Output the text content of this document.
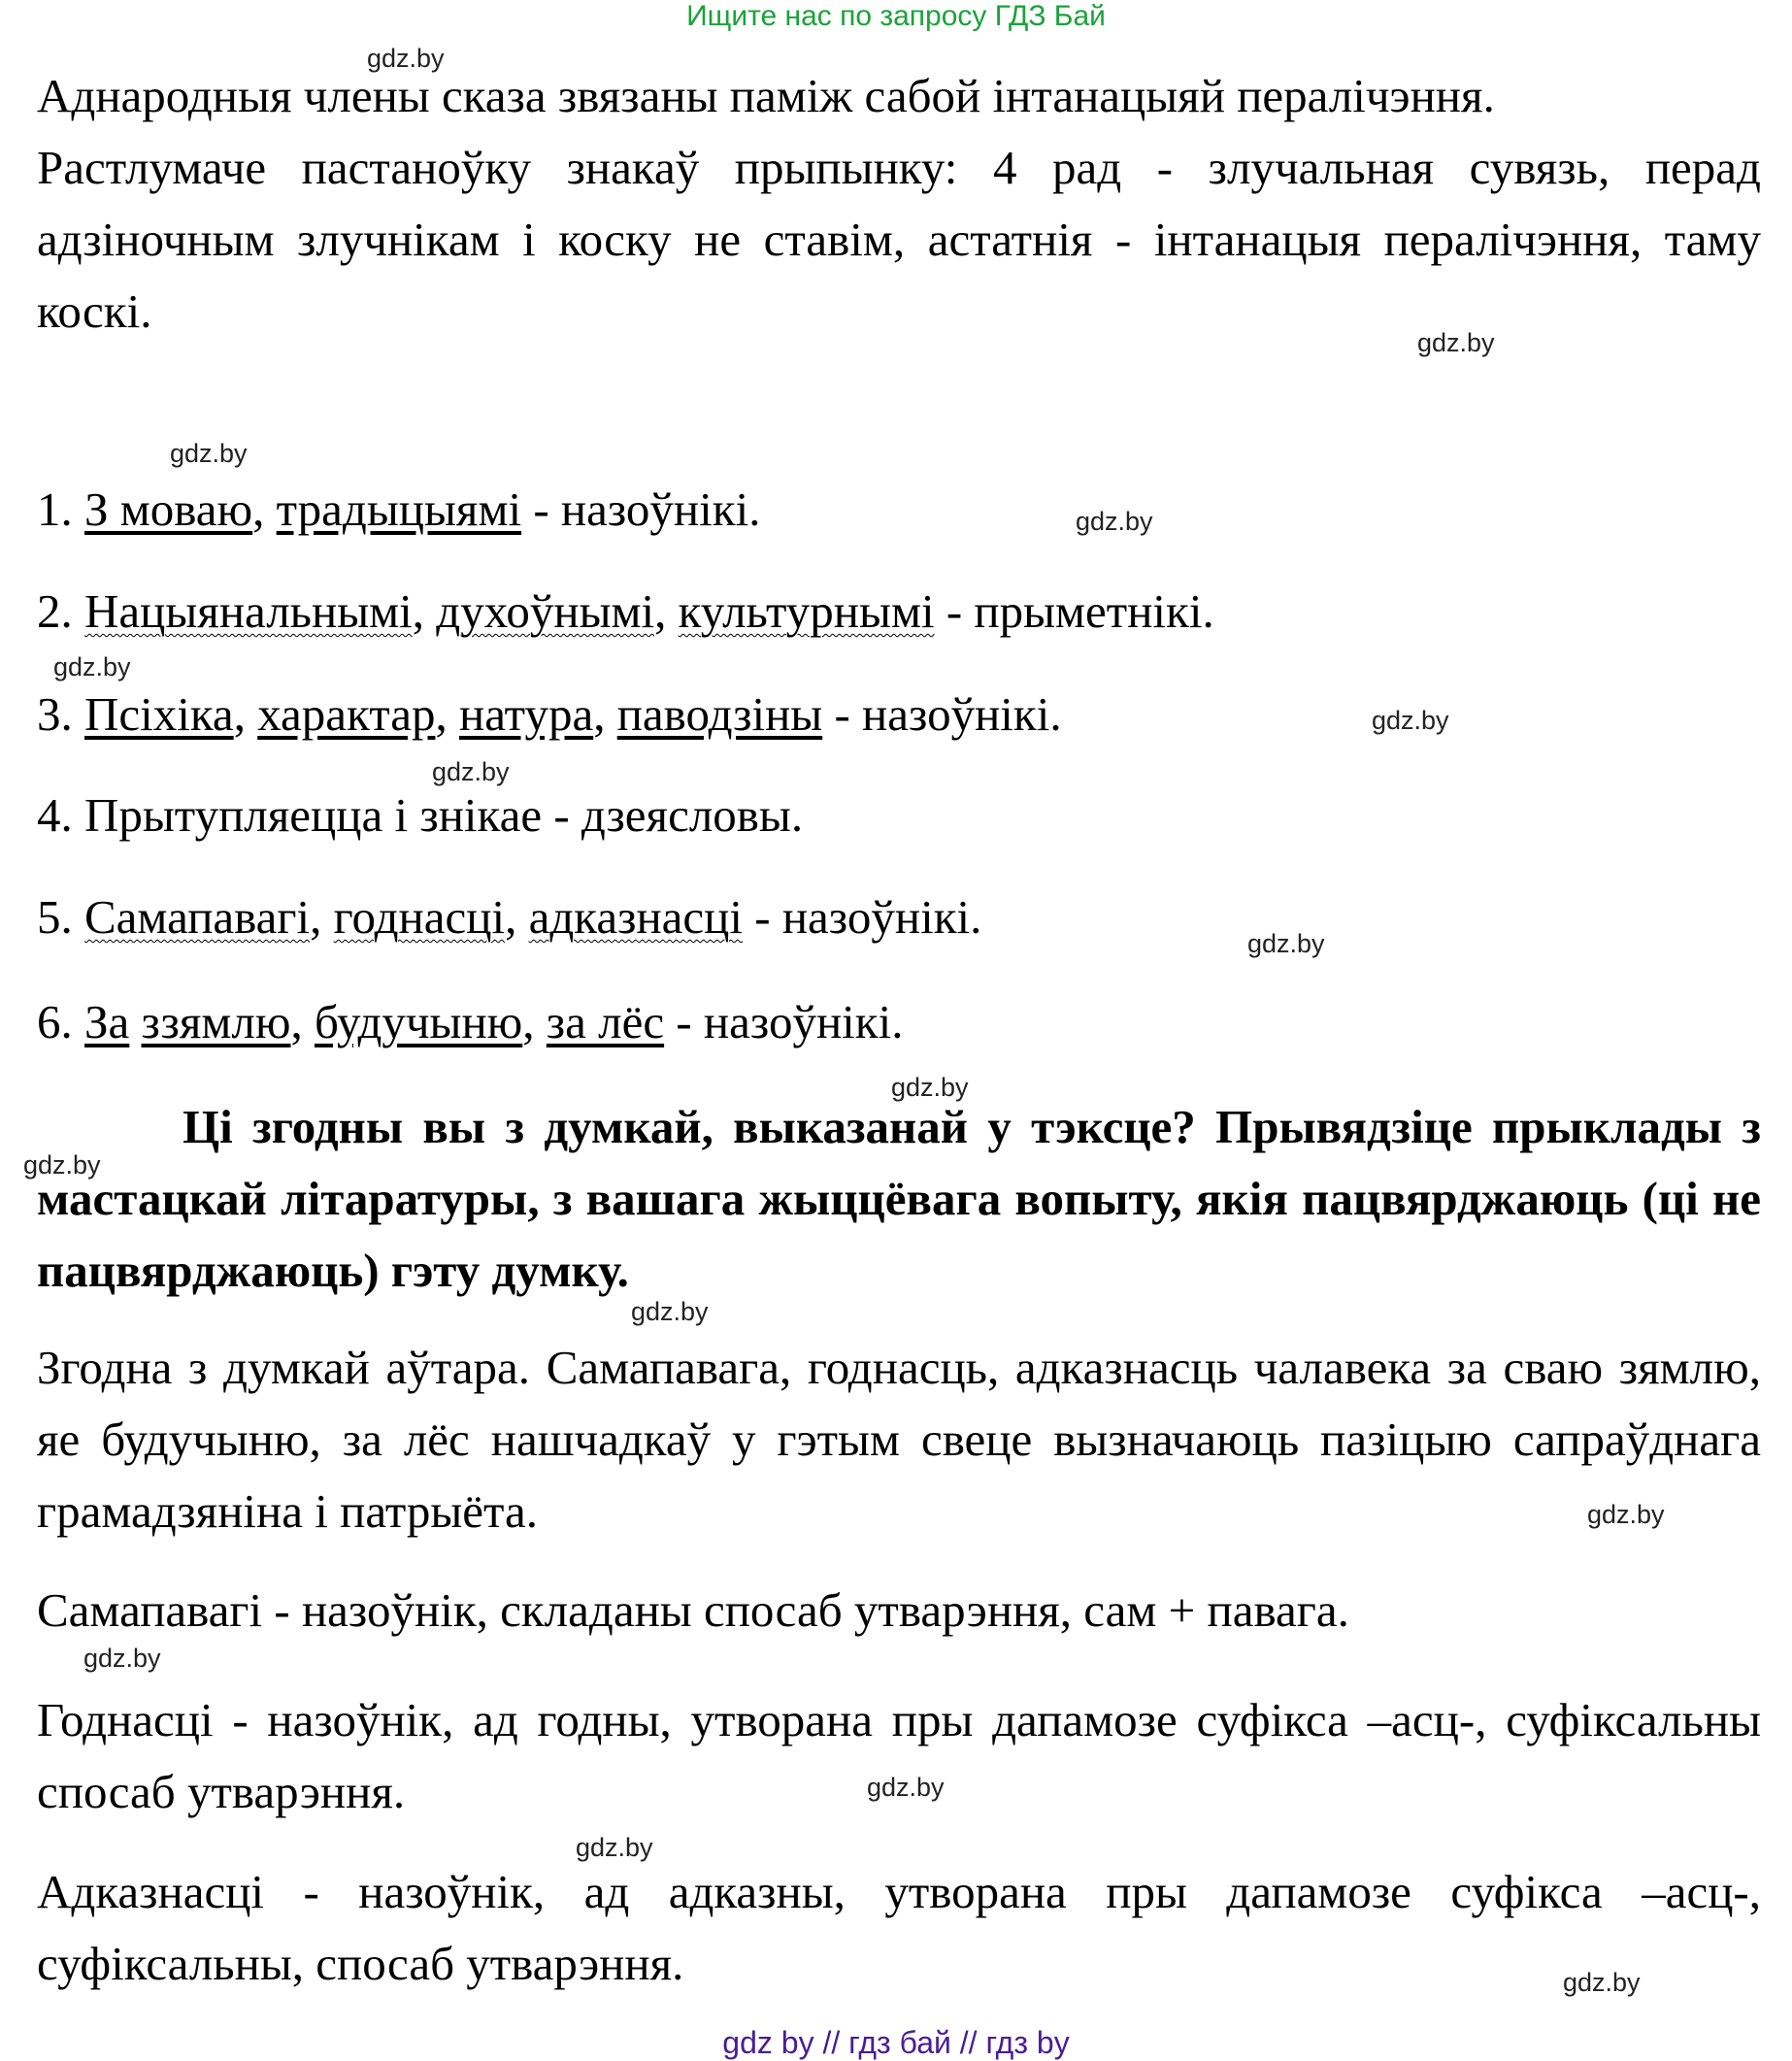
Ищите нас по запросу ГДЗ Бай
gdz.by
gdz.by
gdz.by
gdz.by
gdz.by
gdz.by
gdz.by
gdz.by
gdz.by
gdz.by
gdz.by
gdz.by
gdz.by
gdz.by
gdz.by
gdz.by
Аднародныя члены сказа звязаны паміж сабой інтанацыяй пералічэння.
Растлумаче пастаноўку знакаў прыпынку: 4 рад - злучальная сувязь, перад адзіночным злучнікам і коску не ставім, астатнія - інтанацыя пералічэння, таму коскі.
1. З моваю, традыцыямі - назоўнікі.
2. Нацыянальнымі, духоўнымі, культурнымі - прыметнікі.
3. Псіхіка, характар, натура, паводзіны - назоўнікі.
4. Прытупляецца і знікае - дзеясловы.
5. Самапавагі, годнасці, адказнасці - назоўнікі.
6. За ззямлю, будучыню, за лёс - назоўнікі.
Ці згодны вы з думкай, выказанай у тэксце? Прывядзіце прыклады з мастацкай літаратуры, з вашага жыццёвага вопыту, якія пацвярджаюць (ці не пацвярджаюць) гэту думку.
Згодна з думкай аўтара. Самапавага, годнасць, адказнасць чалавека за сваю зямлю, яе будучыню, за лёс нашчадкаў у гэтым свеце вызначаюць пазіцыю сапраўднага грамадзяніна і патрыёта.
Самапавагі - назоўнік, складаны спосаб утварэння, сам + павага.
Годнасці - назоўнік, ад годны, утворана пры дапамозе суфікса –асц-, суфіксальны спосаб утварэння.
Адказнасці - назоўнік, ад адказны, утворана пры дапамозе суфікса –асц-, суфіксальны, спосаб утварэння.
gdz by // гдз бай // гдз by
